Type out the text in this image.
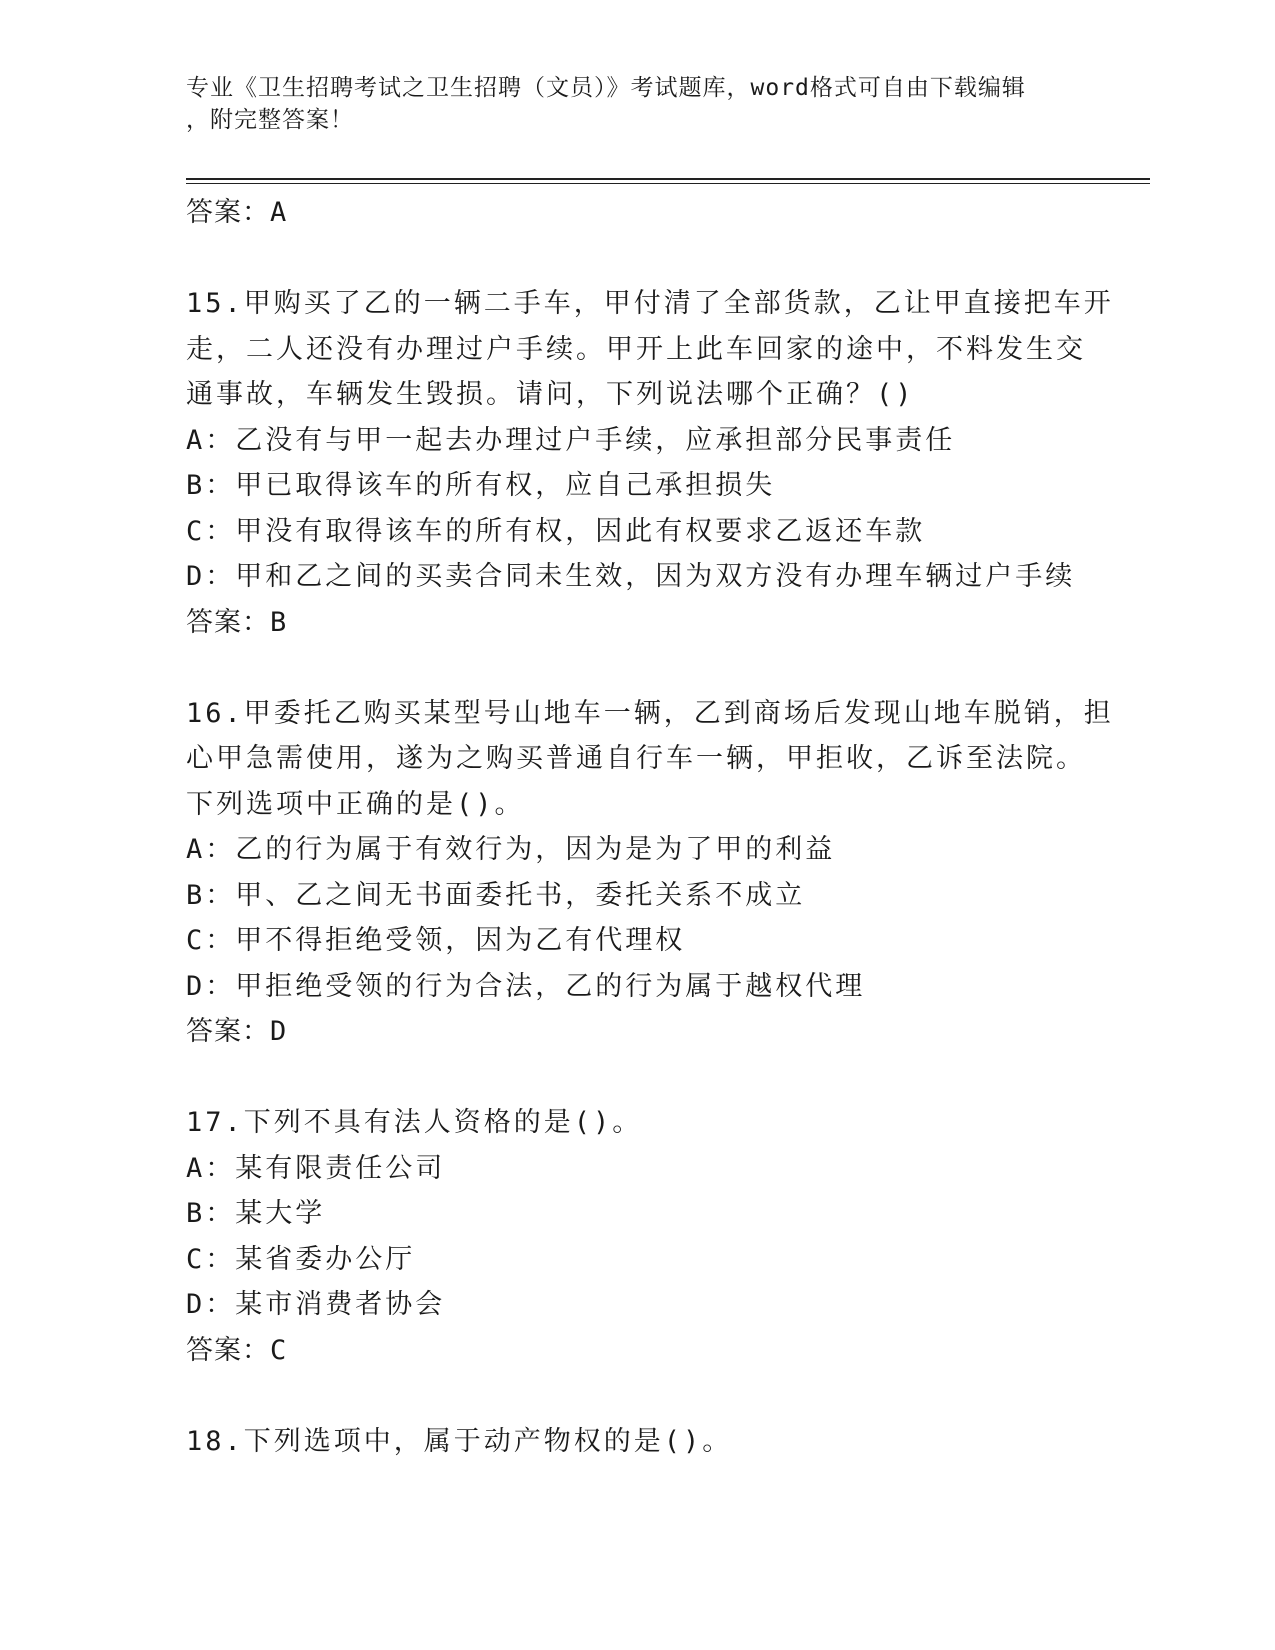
专业《卫生招聘考试之卫生招聘（文员）》考试题库，word格式可自由下载编辑
，附完整答案！
答案：A
15.甲购买了乙的一辆二手车，甲付清了全部货款，乙让甲直接把车开
走，二人还没有办理过户手续。甲开上此车回家的途中，不料发生交
通事故，车辆发生毁损。请问，下列说法哪个正确？()
A：乙没有与甲一起去办理过户手续，应承担部分民事责任
B：甲已取得该车的所有权，应自己承担损失
C：甲没有取得该车的所有权，因此有权要求乙返还车款
D：甲和乙之间的买卖合同未生效，因为双方没有办理车辆过户手续
答案：B
16.甲委托乙购买某型号山地车一辆，乙到商场后发现山地车脱销，担
心甲急需使用，遂为之购买普通自行车一辆，甲拒收，乙诉至法院。
下列选项中正确的是()。
A：乙的行为属于有效行为，因为是为了甲的利益
B：甲、乙之间无书面委托书，委托关系不成立
C：甲不得拒绝受领，因为乙有代理权
D：甲拒绝受领的行为合法，乙的行为属于越权代理
答案：D
17.下列不具有法人资格的是()。
A：某有限责任公司
B：某大学
C：某省委办公厅
D：某市消费者协会
答案：C
18.下列选项中，属于动产物权的是()。
